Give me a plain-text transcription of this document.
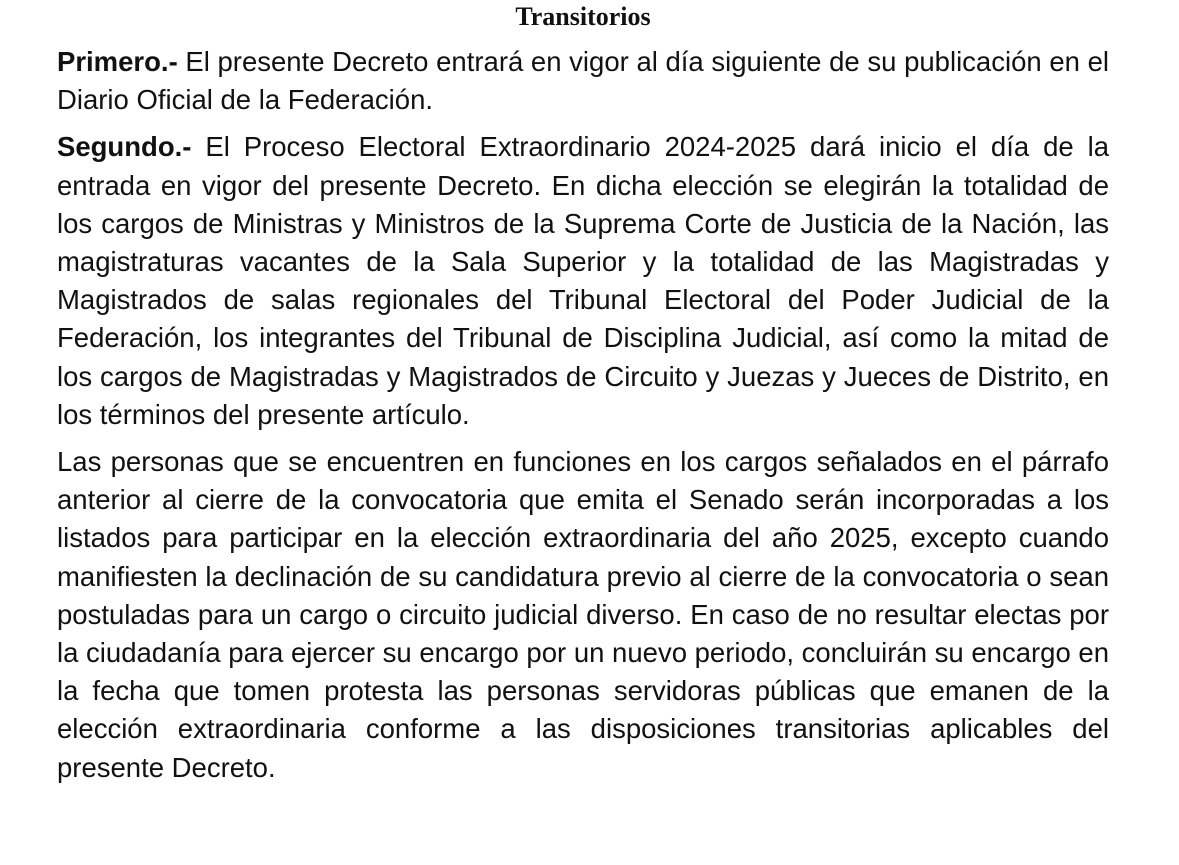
Transitorios

Primero.- El presente Decreto entrará en vigor al día siguiente de su publicación en el Diario Oficial de la Federación.

Segundo.- El Proceso Electoral Extraordinario 2024-2025 dará inicio el día de la entrada en vigor del presente Decreto. En dicha elección se elegirán la totalidad de los cargos de Ministras y Ministros de la Suprema Corte de Justicia de la Nación, las magistraturas vacantes de la Sala Superior y la totalidad de las Magistradas y Magistrados de salas regionales del Tribunal Electoral del Poder Judicial de la Federación, los integrantes del Tribunal de Disciplina Judicial, así como la mitad de los cargos de Magistradas y Magistrados de Circuito y Juezas y Jueces de Distrito, en los términos del presente artículo.

Las personas que se encuentren en funciones en los cargos señalados en el párrafo anterior al cierre de la convocatoria que emita el Senado serán incorporadas a los listados para participar en la elección extraordinaria del año 2025, excepto cuando manifiesten la declinación de su candidatura previo al cierre de la convocatoria o sean postuladas para un cargo o circuito judicial diverso. En caso de no resultar electas por la ciudadanía para ejercer su encargo por un nuevo periodo, concluirán su encargo en la fecha que tomen protesta las personas servidoras públicas que emanen de la elección extraordinaria conforme a las disposiciones transitorias aplicables del presente Decreto.
